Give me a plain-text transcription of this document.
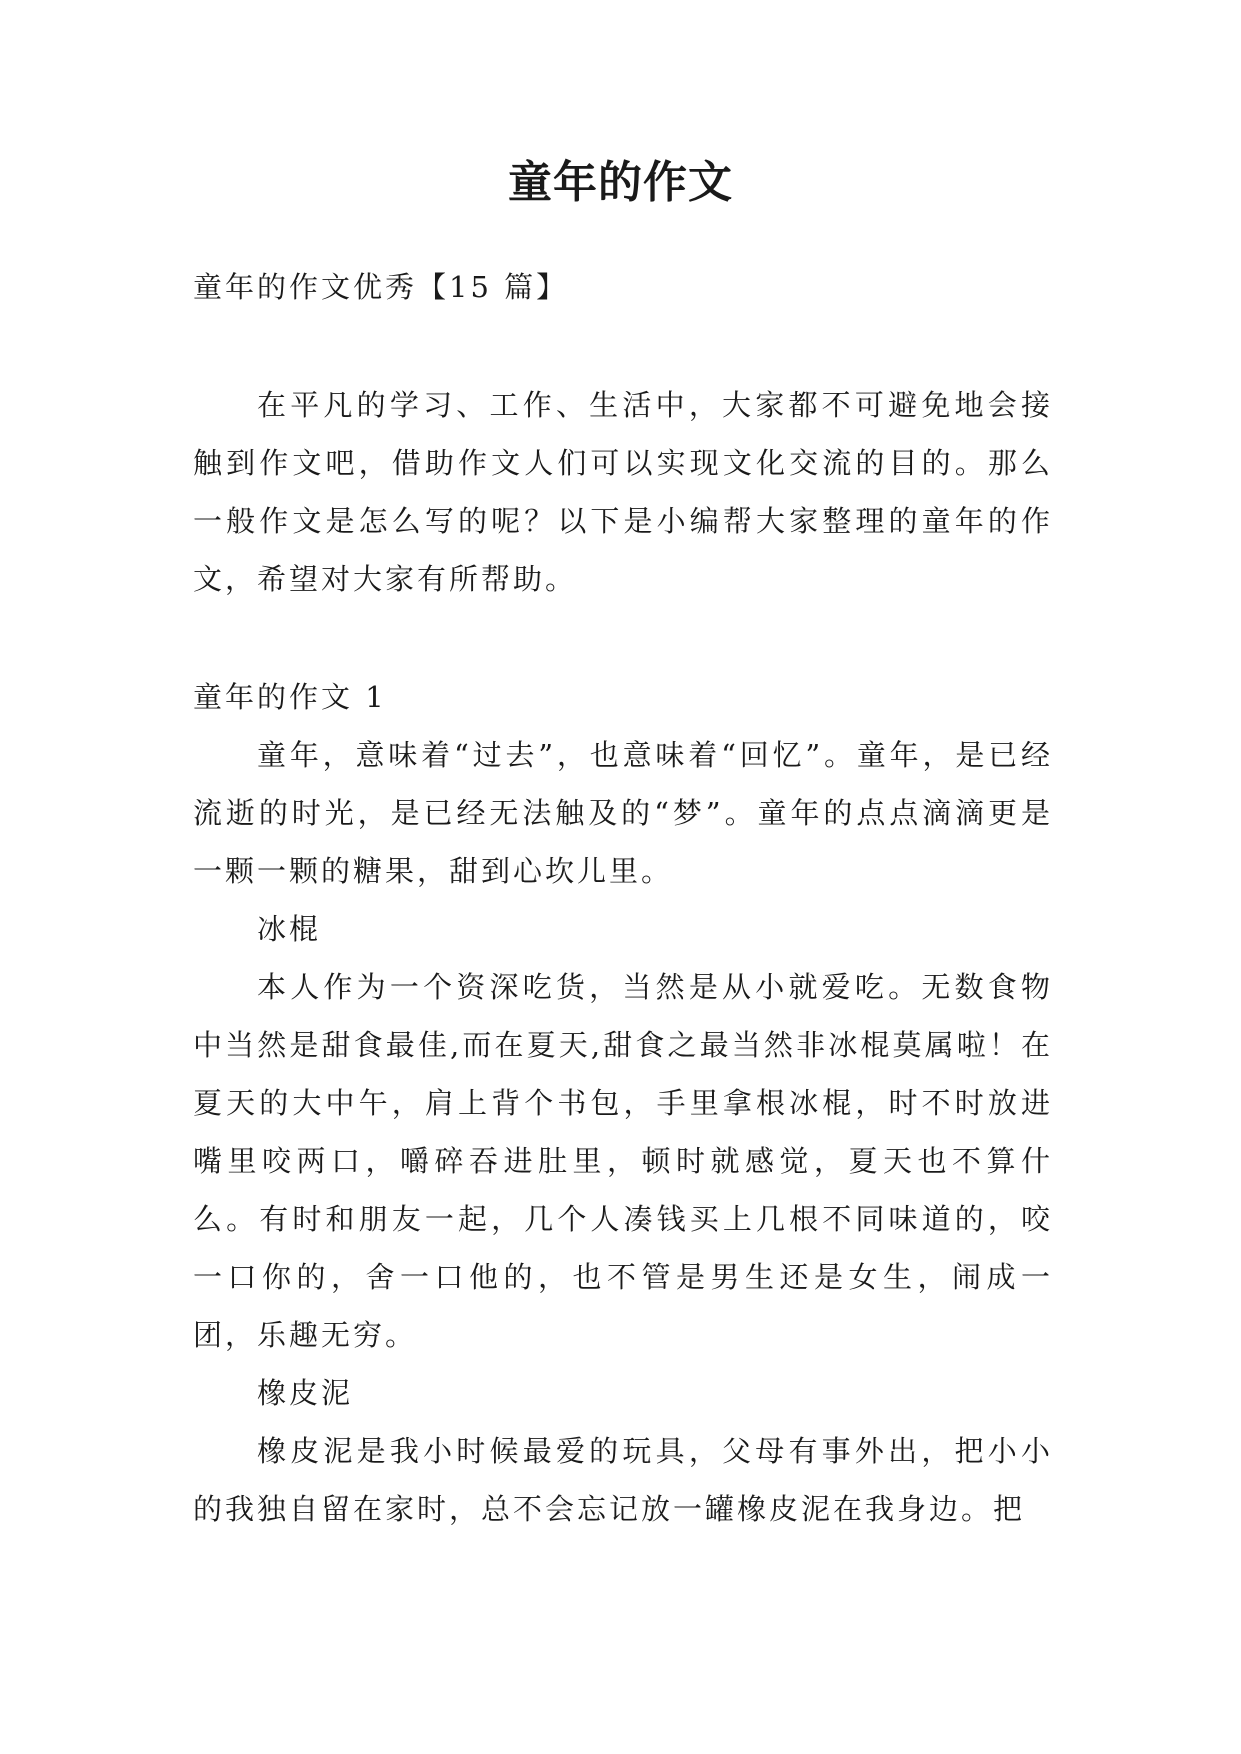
童年的作文

童年的作文优秀【15 篇】

在平凡的学习、工作、生活中，大家都不可避免地会接触到作文吧，借助作文人们可以实现文化交流的目的。那么一般作文是怎么写的呢？以下是小编帮大家整理的童年的作文，希望对大家有所帮助。

童年的作文 1

童年，意味着“过去”，也意味着“回忆”。童年，是已经流逝的时光，是已经无法触及的“梦”。童年的点点滴滴更是一颗一颗的糖果，甜到心坎儿里。

冰棍

本人作为一个资深吃货，当然是从小就爱吃。无数食物中当然是甜食最佳,而在夏天,甜食之最当然非冰棍莫属啦！在夏天的大中午，肩上背个书包，手里拿根冰棍，时不时放进嘴里咬两口，嚼碎吞进肚里，顿时就感觉，夏天也不算什么。有时和朋友一起，几个人凑钱买上几根不同味道的，咬一口你的，舍一口他的，也不管是男生还是女生，闹成一团，乐趣无穷。

橡皮泥

橡皮泥是我小时候最爱的玩具，父母有事外出，把小小的我独自留在家时，总不会忘记放一罐橡皮泥在我身边。把
